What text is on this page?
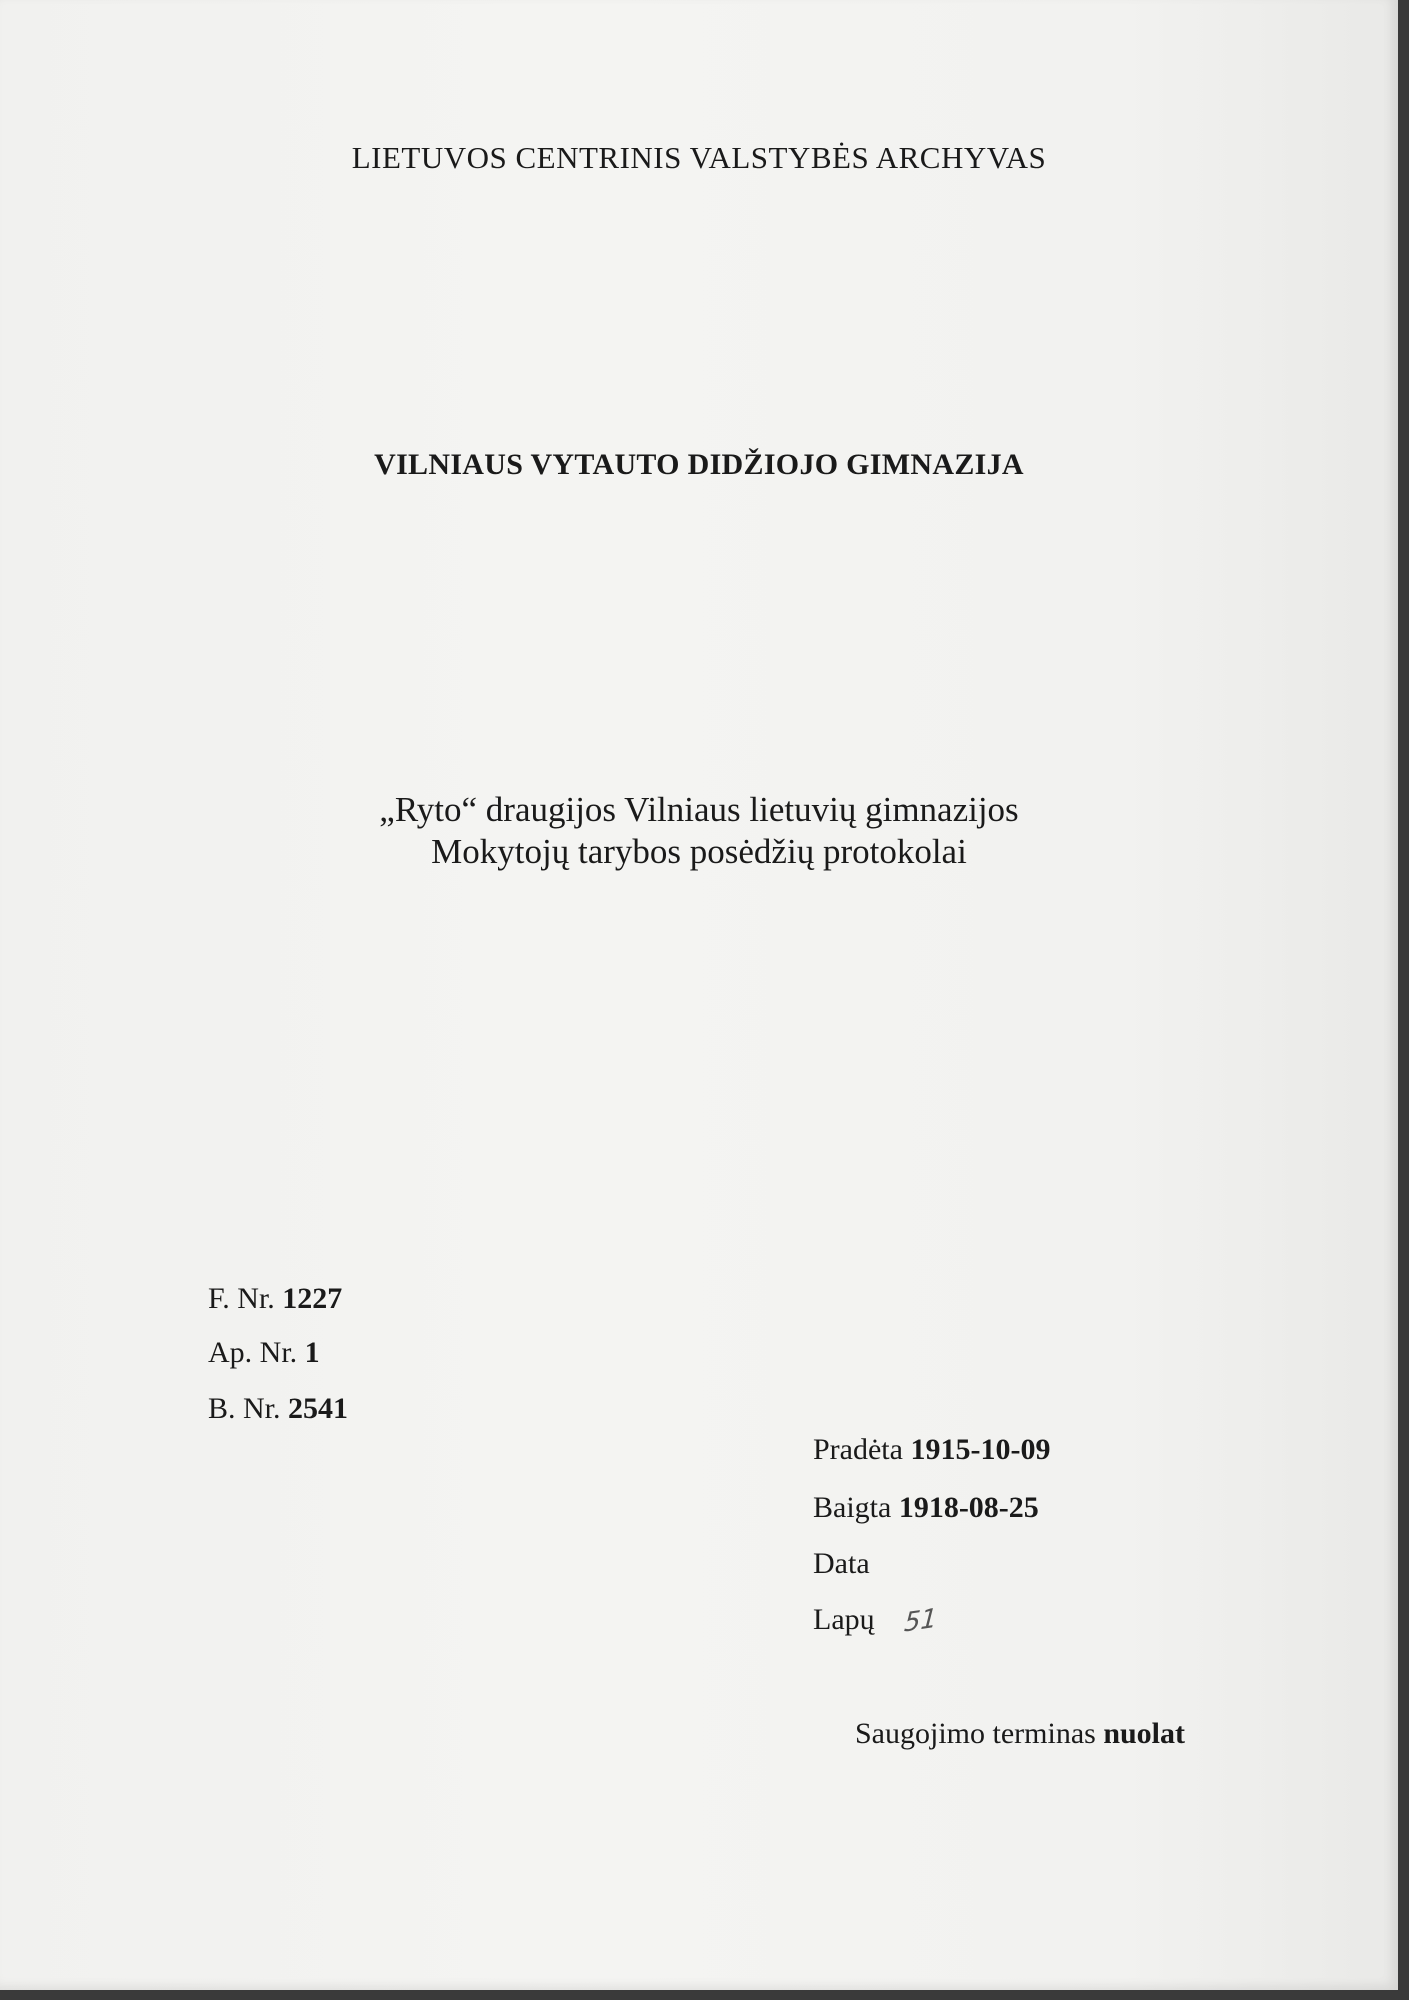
LIETUVOS CENTRINIS VALSTYBĖS ARCHYVAS
VILNIAUS VYTAUTO DIDŽIOJO GIMNAZIJA
„Ryto“ draugijos Vilniaus lietuvių gimnazijos
Mokytojų tarybos posėdžių protokolai
F. Nr. 1227
Ap. Nr. 1
B. Nr. 2541
Pradėta 1915-10-09
Baigta 1918-08-25
Data
Lapų 51
Saugojimo terminas nuolat
